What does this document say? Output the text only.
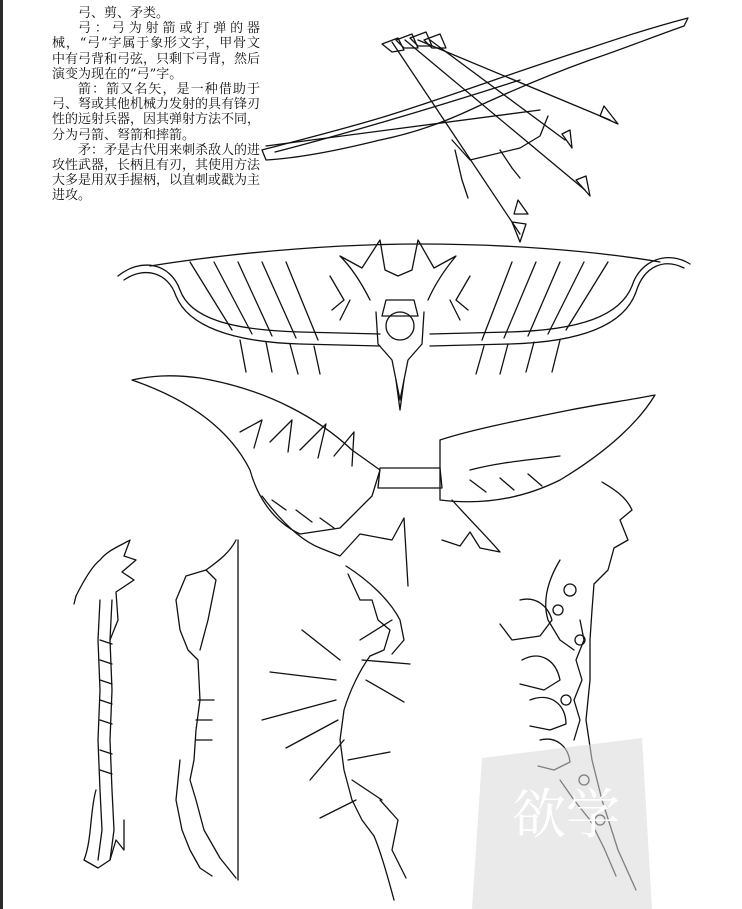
弓、剪、矛类。

弓：弓为射箭或打弹的器械，“弓”字属于象形文字，甲骨文中有弓背和弓弦，只剩下弓背，然后演变为现在的“弓”字。

箭：箭又名矢，是一种借助于弓、弩或其他机械力发射的具有锋刃性的远射兵器，因其弹射方法不同，分为弓箭、弩箭和摔箭。

矛：矛是古代用来刺杀敌人的进攻性武器，长柄且有刃，其使用方法大多是用双手握柄，以直刺或戳为主进攻。

欲学
